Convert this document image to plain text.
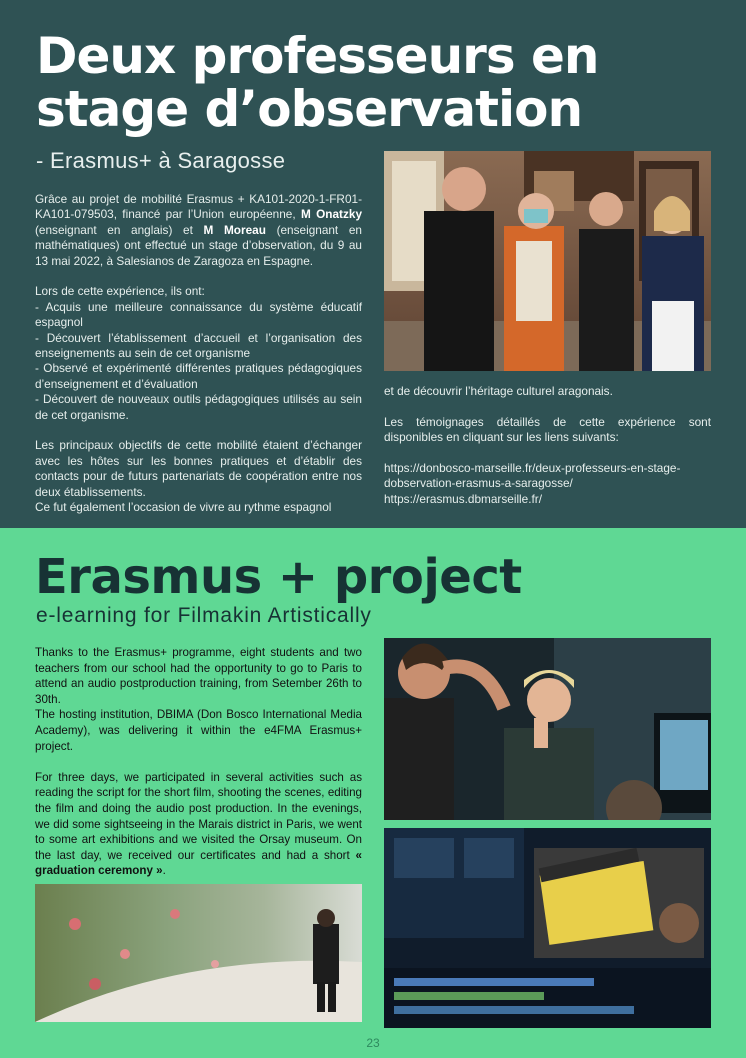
Deux professeurs en stage d’observation
- Erasmus+ à Saragosse

Grâce au projet de mobilité Erasmus + KA101-2020-1-FR01-KA101-079503, financé par l’Union européenne, M Onatzky (enseignant en anglais) et M Moreau (enseignant en mathématiques) ont effectué un stage d’observation, du 9 au 13 mai 2022, à Salesianos de Zaragoza en Espagne.

Lors de cette expérience, ils ont:

- Acquis une meilleure connaissance du système éducatif espagnol

- Découvert l’établissement d’accueil et l’organisation des enseignements au sein de cet organisme

- Observé et expérimenté différentes pratiques pédagogiques d’enseignement et d’évaluation

- Découvert de nouveaux outils pédagogiques utilisés au sein de cet organisme.

Les principaux objectifs de cette mobilité étaient d’échanger avec les hôtes sur les bonnes pratiques et d’établir des contacts pour de futurs partenariats de coopération entre nos deux établissements.

Ce fut également l’occasion de vivre au rythme espagnol

et de découvrir l’héritage culturel aragonais.

Les témoignages détaillés de cette expérience sont disponibles en cliquant sur les liens suivants:

https://donbosco-marseille.fr/deux-professeurs-en-stage-dobservation-erasmus-a-saragosse/

https://erasmus.dbmarseille.fr/

Erasmus + project
e-learning for Filmakin Artistically

Thanks to the Erasmus+ programme, eight students and two teachers from our school had the opportunity to go to Paris to attend an audio postproduction training, from Setember 26th to 30th.

The hosting institution, DBIMA (Don Bosco International Media Academy), was delivering it within the e4FMA Erasmus+ project.

For three days, we participated in several activities such as reading the script for the short film, shooting the scenes, editing the film and doing the audio post production. In the evenings, we did some sightseeing in the Marais district in Paris, we went to some art exhibitions and we visited the Orsay museum. On the last day, we received our certificates and had a short « graduation ceremony ».

23
